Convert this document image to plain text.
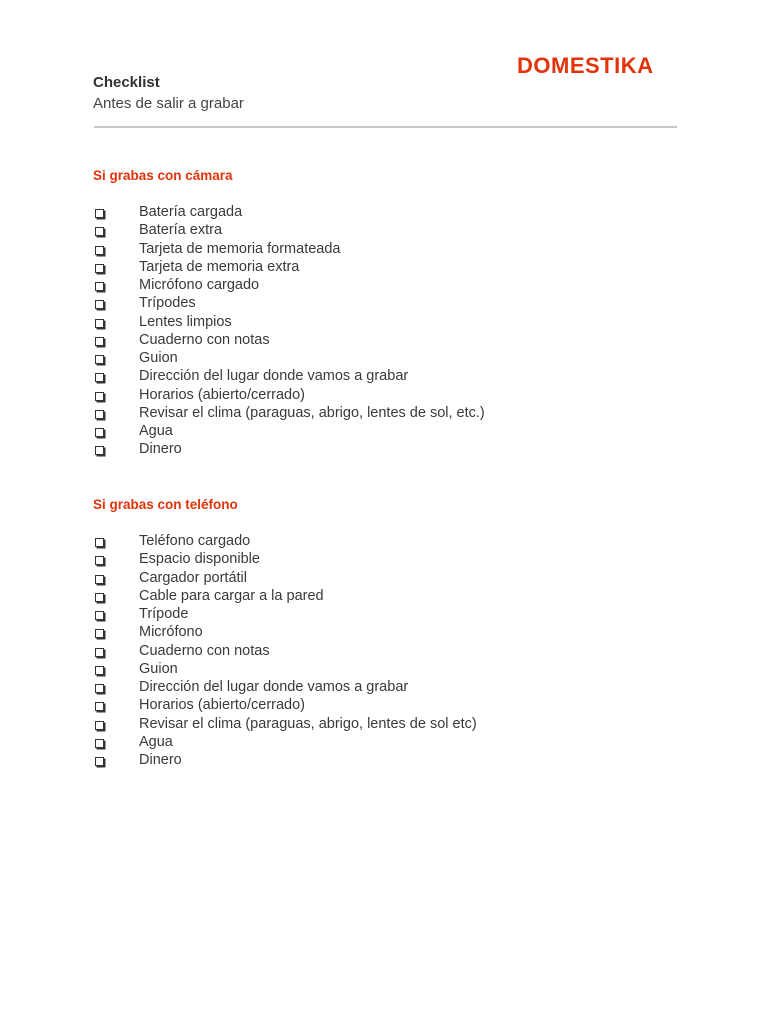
Checklist
Antes de salir a grabar
DOMESTIKA
Si grabas con cámara
Batería cargada
Batería extra
Tarjeta de memoria formateada
Tarjeta de memoria extra
Micrófono cargado
Trípodes
Lentes limpios
Cuaderno con notas
Guion
Dirección del lugar donde vamos a grabar
Horarios (abierto/cerrado)
Revisar el clima (paraguas, abrigo, lentes de sol, etc.)
Agua
Dinero
Si grabas con teléfono
Teléfono cargado
Espacio disponible
Cargador portátil
Cable para cargar a la pared
Trípode
Micrófono
Cuaderno con notas
Guion
Dirección del lugar donde vamos a grabar
Horarios (abierto/cerrado)
Revisar el clima (paraguas, abrigo, lentes de sol etc)
Agua
Dinero
